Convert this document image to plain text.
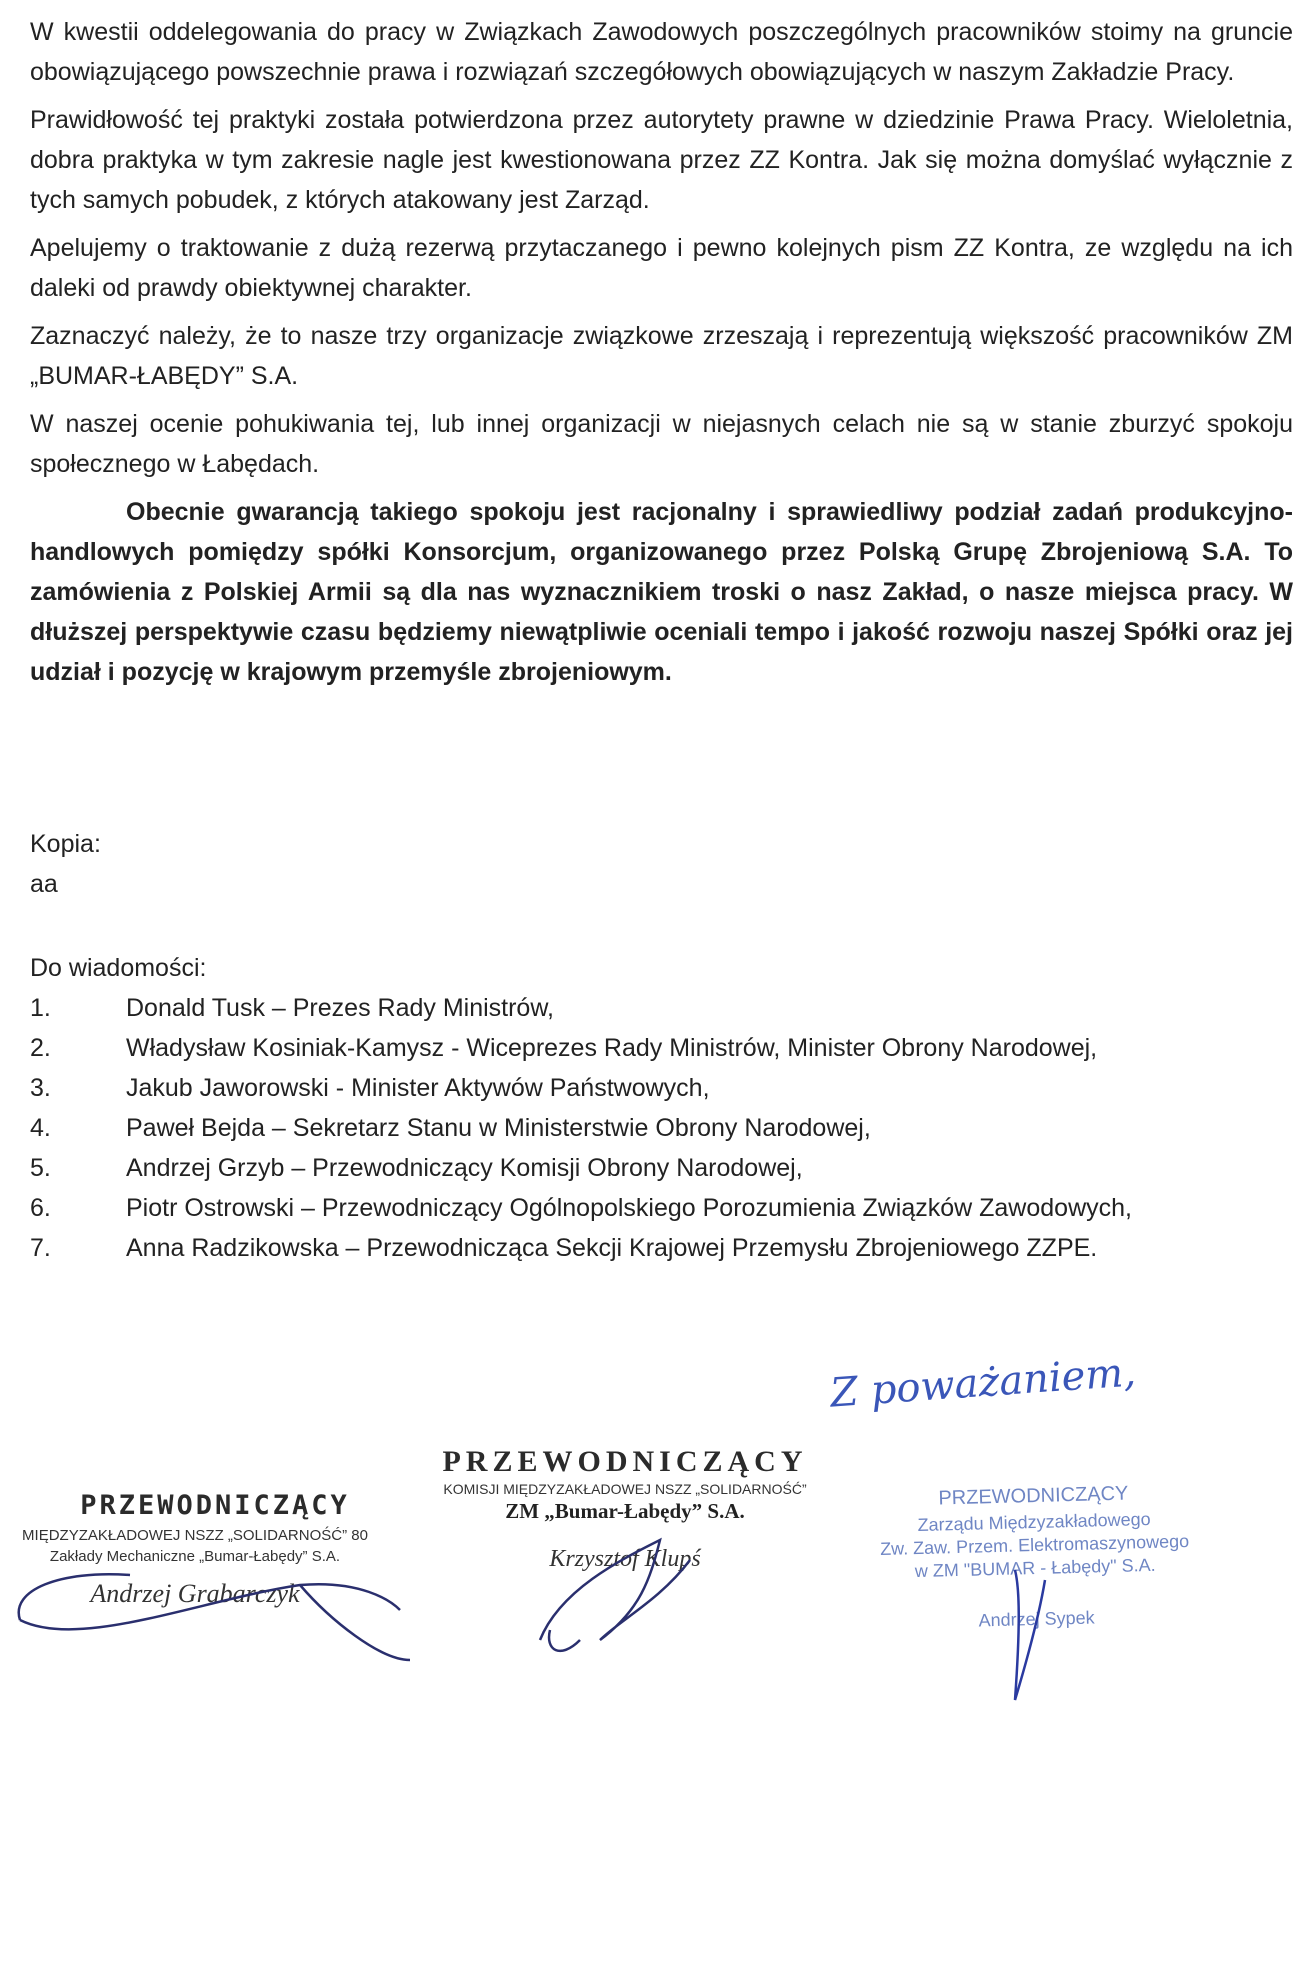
W kwestii oddelegowania do pracy w Związkach Zawodowych poszczególnych pracowników stoimy na gruncie obowiązującego powszechnie prawa i rozwiązań szczegółowych obowiązujących w naszym Zakładzie Pracy.

Prawidłowość tej praktyki została potwierdzona przez autorytety prawne w dziedzinie Prawa Pracy. Wieloletnia, dobra praktyka w tym zakresie nagle jest kwestionowana przez ZZ Kontra. Jak się można domyślać wyłącznie z tych samych pobudek, z których atakowany jest Zarząd.

Apelujemy o traktowanie z dużą rezerwą przytaczanego i pewno kolejnych pism ZZ Kontra, ze względu na ich daleki od prawdy obiektywnej charakter.

Zaznaczyć należy, że to nasze trzy organizacje związkowe zrzeszają i reprezentują większość pracowników ZM „BUMAR-ŁABĘDY” S.A.

W naszej ocenie pohukiwania tej, lub innej organizacji w niejasnych celach nie są w stanie zburzyć spokoju społecznego w Łabędach.

Obecnie gwarancją takiego spokoju jest racjonalny i sprawiedliwy podział zadań produkcyjno-handlowych pomiędzy spółki Konsorcjum, organizowanego przez Polską Grupę Zbrojeniową S.A. To zamówienia z Polskiej Armii są dla nas wyznacznikiem troski o nasz Zakład, o nasze miejsca pracy. W dłuższej perspektywie czasu będziemy niewątpliwie oceniali tempo i jakość rozwoju naszej Spółki oraz jej udział i pozycję w krajowym przemyśle zbrojeniowym.

Kopia:
aa
Do wiadomości:
1.	Donald Tusk – Prezes Rady Ministrów,
2.	Władysław Kosiniak-Kamysz - Wiceprezes Rady Ministrów, Minister Obrony Narodowej,
3.	Jakub Jaworowski - Minister Aktywów Państwowych,
4.	Paweł Bejda – Sekretarz Stanu w Ministerstwie Obrony Narodowej,
5.	Andrzej Grzyb – Przewodniczący Komisji Obrony Narodowej,
6.	Piotr Ostrowski – Przewodniczący Ogólnopolskiego Porozumienia Związków Zawodowych,
7.	Anna Radzikowska – Przewodnicząca Sekcji Krajowej Przemysłu Zbrojeniowego ZZPE.
Z poważaniem,
PRZEWODNICZĄCY
MIĘDZYZAKŁADOWEJ NSZZ „SOLIDARNOŚĆ” 80
Zakłady Mechaniczne „Bumar-Łabędy” S.A.
Andrzej Grabarczyk
PRZEWODNICZĄCY
KOMISJI MIĘDZYZAKŁADOWEJ NSZZ „SOLIDARNOŚĆ”
ZM „Bumar-Łabędy” S.A.
Krzysztof Klupś
PRZEWODNICZĄCY
Zarządu Międzyzakładowego
Zw. Zaw. Przem. Elektromaszynowego
w ZM "BUMAR - Łabędy" S.A.
Andrzej Sypek
